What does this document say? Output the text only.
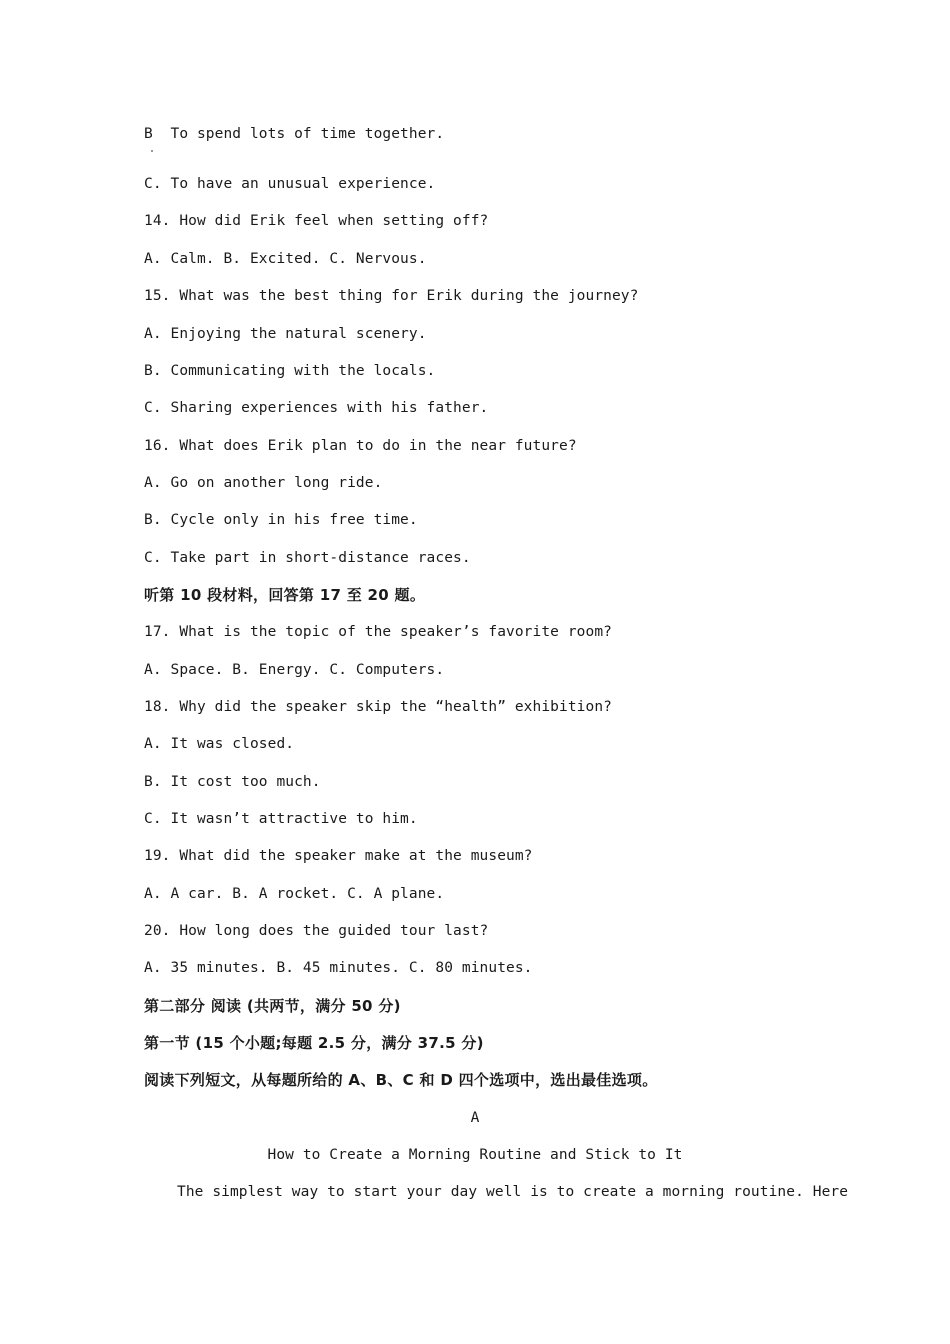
B  To spend lots of time together.
C. To have an unusual experience.
14. How did Erik feel when setting off?
A. Calm. B. Excited. C. Nervous.
15. What was the best thing for Erik during the journey?
A. Enjoying the natural scenery.
B. Communicating with the locals.
C. Sharing experiences with his father.
16. What does Erik plan to do in the near future?
A. Go on another long ride.
B. Cycle only in his free time.
C. Take part in short-distance races.
听第 10 段材料，回答第 17 至 20 题。
17. What is the topic of the speaker’s favorite room?
A. Space. B. Energy. C. Computers.
18. Why did the speaker skip the “health” exhibition?
A. It was closed.
B. It cost too much.
C. It wasn’t attractive to him.
19. What did the speaker make at the museum?
A. A car. B. A rocket. C. A plane.
20. How long does the guided tour last?
A. 35 minutes. B. 45 minutes. C. 80 minutes.
第二部分 阅读 (共两节，满分 50 分)
第一节 (15 个小题;每题 2.5 分，满分 37.5 分)
阅读下列短文，从每题所给的 A、B、C 和 D 四个选项中，选出最佳选项。
A
How to Create a Morning Routine and Stick to It
The simplest way to start your day well is to create a morning routine. Here
